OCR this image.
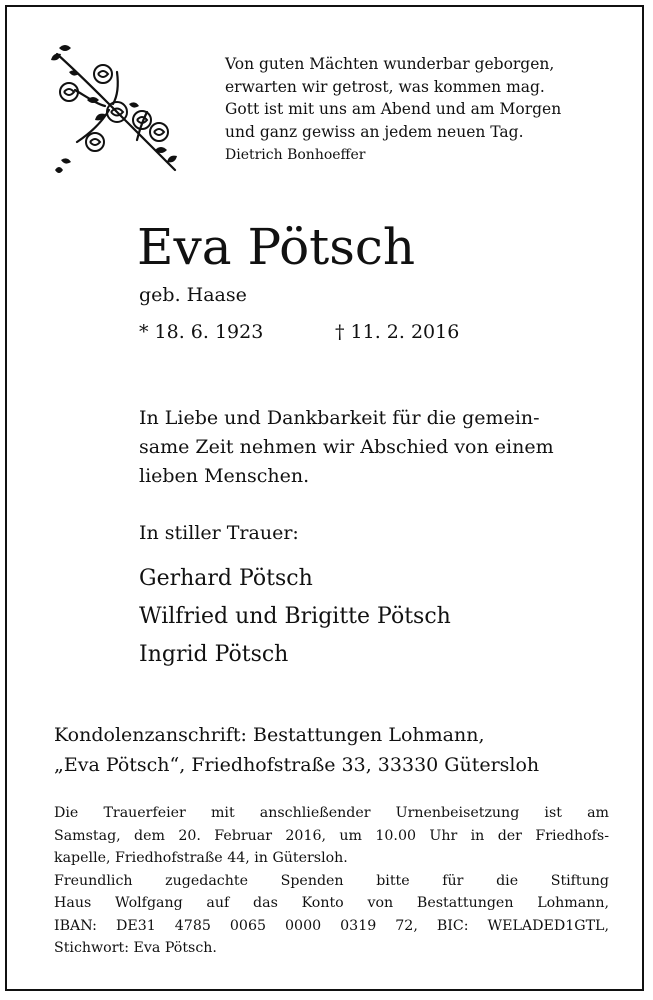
Von guten Mächten wunderbar geborgen,
erwarten wir getrost, was kommen mag.
Gott ist mit uns am Abend und am Morgen
und ganz gewiss an jedem neuen Tag.
Dietrich Bonhoeffer
Eva Pötsch
geb. Haase
* 18. 6. 1923	† 11. 2. 2016
In Liebe und Dankbarkeit für die gemein-
same Zeit nehmen wir Abschied von einem
lieben Menschen.
In stiller Trauer:
Gerhard Pötsch
Wilfried und Brigitte Pötsch
Ingrid Pötsch
Kondolenzanschrift: Bestattungen Lohmann,
„Eva Pötsch“, Friedhofstraße 33, 33330 Gütersloh
Die Trauerfeier mit anschließender Urnenbeisetzung ist am
Samstag, dem 20. Februar 2016, um 10.00 Uhr in der Friedhofs-
kapelle, Friedhofstraße 44, in Gütersloh.
Freundlich zugedachte Spenden bitte für die Stiftung
Haus Wolfgang auf das Konto von Bestattungen Lohmann,
IBAN: DE31 4785 0065 0000 0319 72, BIC: WELADED1GTL,
Stichwort: Eva Pötsch.
